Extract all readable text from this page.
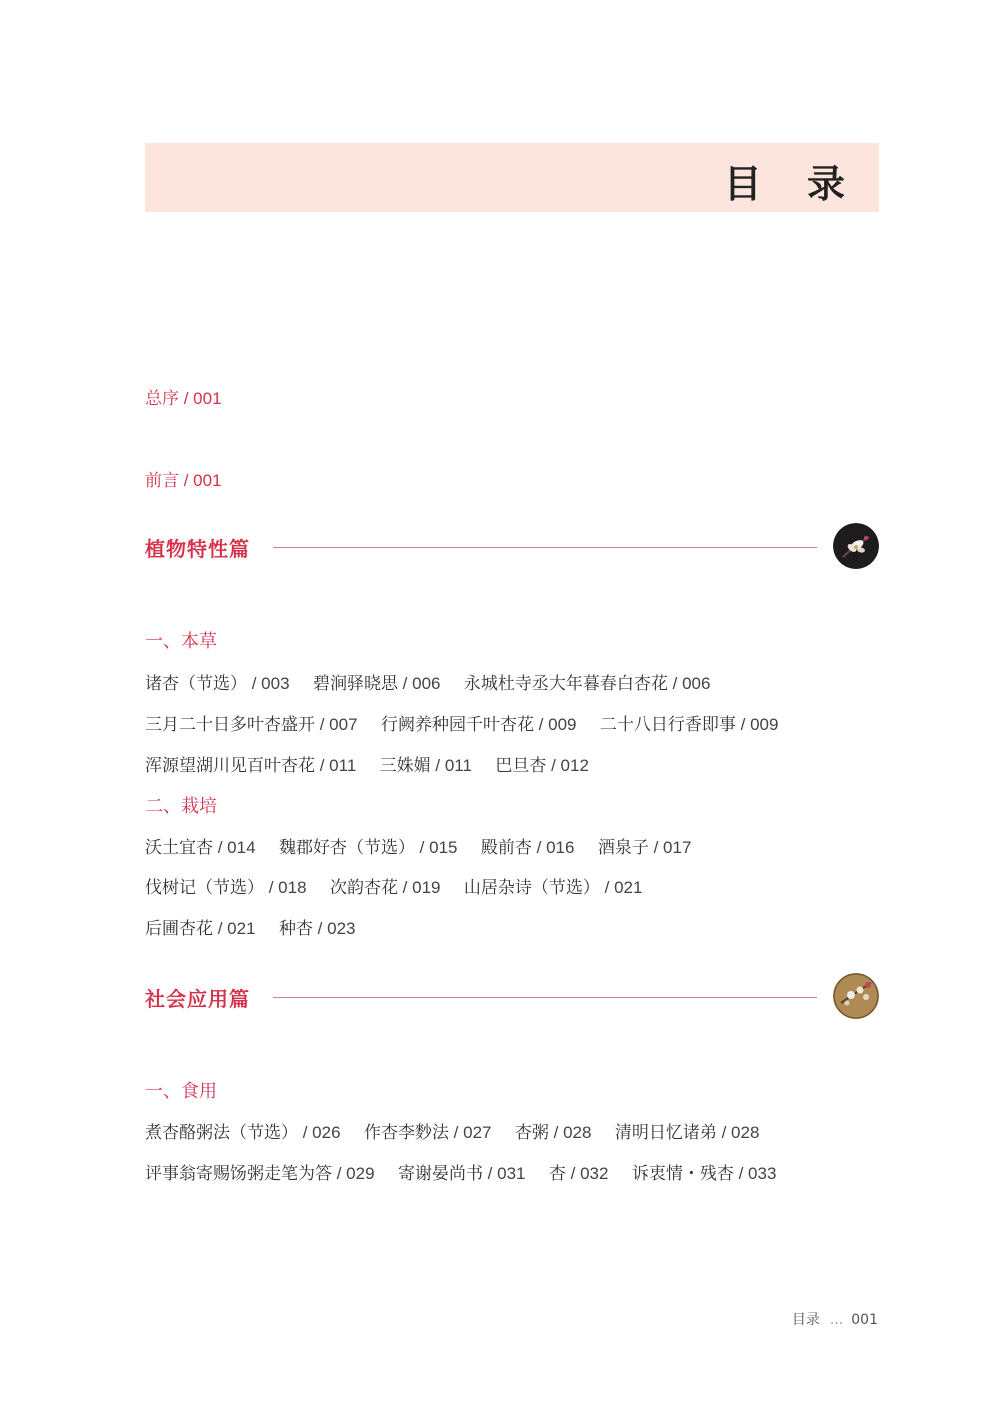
目 录
总序 / 001
前言 / 001
植物特性篇
一、本草
诸杏（节选） / 003 碧涧驿晓思 / 006 永城杜寺丞大年暮春白杏花 / 006
三月二十日多叶杏盛开 / 007 行阙养种园千叶杏花 / 009 二十八日行香即事 / 009
浑源望湖川见百叶杏花 / 011 三姝媚 / 011 巴旦杏 / 012
二、栽培
沃土宜杏 / 014 魏郡好杏（节选） / 015 殿前杏 / 016 酒泉子 / 017
伐树记（节选） / 018 次韵杏花 / 019 山居杂诗（节选） / 021
后圃杏花 / 021 种杏 / 023
社会应用篇
一、食用
煮杏酪粥法（节选） / 026 作杏李麨法 / 027 杏粥 / 028 清明日忆诸弟 / 028
评事翁寄赐饧粥走笔为答 / 029 寄谢晏尚书 / 031 杏 / 032 诉衷情・残杏 / 033
目录 ... 001
